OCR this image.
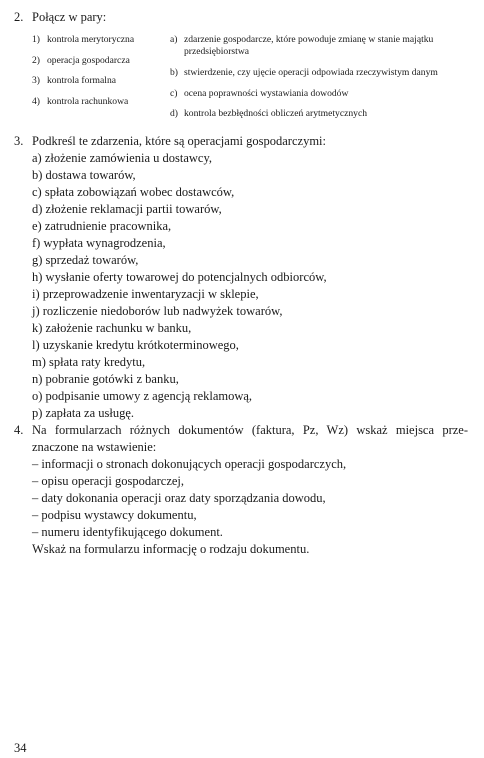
2. Połącz w pary:
1) kontrola merytoryczna
2) operacja gospodarcza
3) kontrola formalna
4) kontrola rachunkowa
a) zdarzenie gospodarcze, które powoduje zmianę w stanie majątku
przedsiębiorstwa
b) stwierdzenie, czy ujęcie operacji odpowiada rzeczywistym danym
c) ocena poprawności wystawiania dowodów
d) kontrola bezbłędności obliczeń arytmetycznych
3. Podkreśl te zdarzenia, które są operacjami gospodarczymi:
a) złożenie zamówienia u dostawcy,
b) dostawa towarów,
c) spłata zobowiązań wobec dostawców,
d) złożenie reklamacji partii towarów,
e) zatrudnienie pracownika,
f) wypłata wynagrodzenia,
g) sprzedaż towarów,
h) wysłanie oferty towarowej do potencjalnych odbiorców,
i) przeprowadzenie inwentaryzacji w sklepie,
j) rozliczenie niedoborów lub nadwyżek towarów,
k) założenie rachunku w banku,
l) uzyskanie kredytu krótkoterminowego,
m) spłata raty kredytu,
n) pobranie gotówki z banku,
o) podpisanie umowy z agencją reklamową,
p) zapłata za usługę.
4. Na formularzach różnych dokumentów (faktura, Pz, Wz) wskaż miejsca prze-
znaczone na wstawienie:
– informacji o stronach dokonujących operacji gospodarczych,
– opisu operacji gospodarczej,
– daty dokonania operacji oraz daty sporządzania dowodu,
– podpisu wystawcy dokumentu,
– numeru identyfikującego dokument.
Wskaż na formularzu informację o rodzaju dokumentu.
34
